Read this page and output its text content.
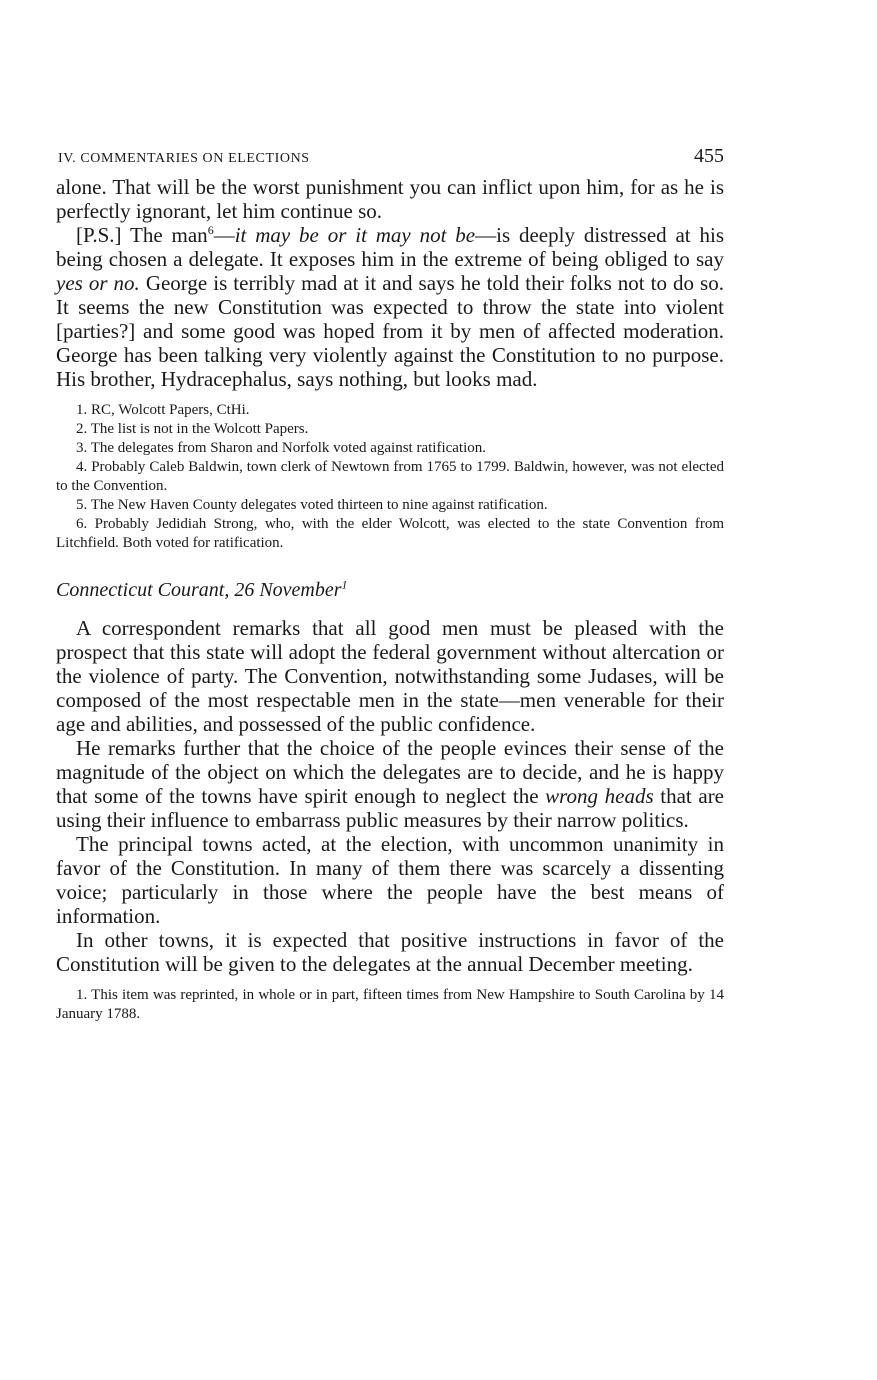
IV. COMMENTARIES ON ELECTIONS	455

alone. That will be the worst punishment you can inflict upon him, for as he is perfectly ignorant, let him continue so.

[P.S.] The man$^6$—it may be or it may not be—is deeply distressed at his being chosen a delegate. It exposes him in the extreme of being obliged to say yes or no. George is terribly mad at it and says he told their folks not to do so. It seems the new Constitution was expected to throw the state into violent [parties?] and some good was hoped from it by men of affected moderation. George has been talking very violently against the Constitution to no purpose. His brother, Hydracephalus, says nothing, but looks mad.

1. RC, Wolcott Papers, CtHi.

2. The list is not in the Wolcott Papers.

3. The delegates from Sharon and Norfolk voted against ratification.

4. Probably Caleb Baldwin, town clerk of Newtown from 1765 to 1799. Baldwin, however, was not elected to the Convention.

5. The New Haven County delegates voted thirteen to nine against ratification.

6. Probably Jedidiah Strong, who, with the elder Wolcott, was elected to the state Convention from Litchfield. Both voted for ratification.

Connecticut Courant, 26 November$^1$

A correspondent remarks that all good men must be pleased with the prospect that this state will adopt the federal government without altercation or the violence of party. The Convention, notwithstanding some Judases, will be composed of the most respectable men in the state—men venerable for their age and abilities, and possessed of the public confidence.

He remarks further that the choice of the people evinces their sense of the magnitude of the object on which the delegates are to decide, and he is happy that some of the towns have spirit enough to neglect the wrong heads that are using their influence to embarrass public measures by their narrow politics.

The principal towns acted, at the election, with uncommon unanimity in favor of the Constitution. In many of them there was scarcely a dissenting voice; particularly in those where the people have the best means of information.

In other towns, it is expected that positive instructions in favor of the Constitution will be given to the delegates at the annual December meeting.

1. This item was reprinted, in whole or in part, fifteen times from New Hampshire to South Carolina by 14 January 1788.
